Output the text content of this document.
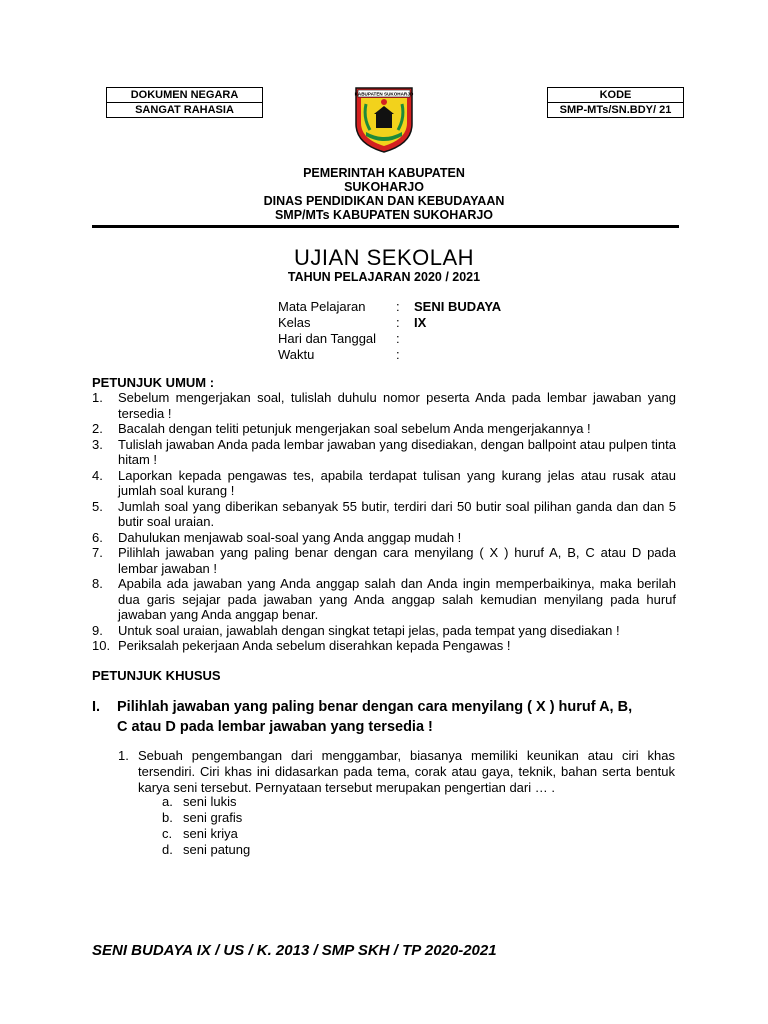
DOKUMEN NEGARA
SANGAT RAHASIA
KODE
SMP-MTs/SN.BDY/ 21
KABUPATEN SUKOHARJO
PEMERINTAH KABUPATEN
SUKOHARJO
DINAS PENDIDIKAN DAN KEBUDAYAAN
SMP/MTs KABUPATEN SUKOHARJO
UJIAN SEKOLAH
TAHUN PELAJARAN 2020 / 2021
Mata Pelajaran : SENI BUDAYA
Kelas	: IX
Hari dan Tanggal :
Waktu	:
PETUNJUK UMUM :
1. Sebelum mengerjakan soal, tulislah duhulu nomor peserta Anda pada lembar jawaban yang tersedia !
2. Bacalah dengan teliti petunjuk mengerjakan soal sebelum Anda mengerjakannya !
3. Tulislah jawaban Anda pada lembar jawaban yang disediakan, dengan ballpoint atau pulpen tinta hitam !
4. Laporkan kepada pengawas tes, apabila terdapat tulisan yang kurang jelas atau rusak atau jumlah soal kurang !
5. Jumlah soal yang diberikan sebanyak 55 butir, terdiri dari 50 butir soal pilihan ganda dan dan 5 butir soal uraian.
6. Dahulukan menjawab soal-soal yang Anda anggap mudah !
7. Pilihlah jawaban yang paling benar dengan cara menyilang ( X ) huruf A, B, C atau D pada lembar jawaban !
8. Apabila ada jawaban yang Anda anggap salah dan Anda ingin memperbaikinya, maka berilah dua garis sejajar pada jawaban yang Anda anggap salah kemudian menyilang pada huruf jawaban yang Anda anggap benar.
9. Untuk soal uraian, jawablah dengan singkat tetapi jelas, pada tempat yang disediakan !
10. Periksalah pekerjaan Anda sebelum diserahkan kepada Pengawas !
PETUNJUK KHUSUS
I.	Pilihlah jawaban yang paling benar dengan cara menyilang ( X ) huruf A, B,
C atau D pada lembar jawaban yang tersedia !
1. Sebuah pengembangan dari menggambar, biasanya memiliki keunikan atau ciri khas tersendiri. Ciri khas ini didasarkan pada tema, corak atau gaya, teknik, bahan serta bentuk karya seni tersebut. Pernyataan tersebut merupakan pengertian dari … .
a. seni lukis
b. seni grafis
c. seni kriya
d. seni patung
SENI BUDAYA IX / US / K. 2013 / SMP SKH / TP 2020-2021
